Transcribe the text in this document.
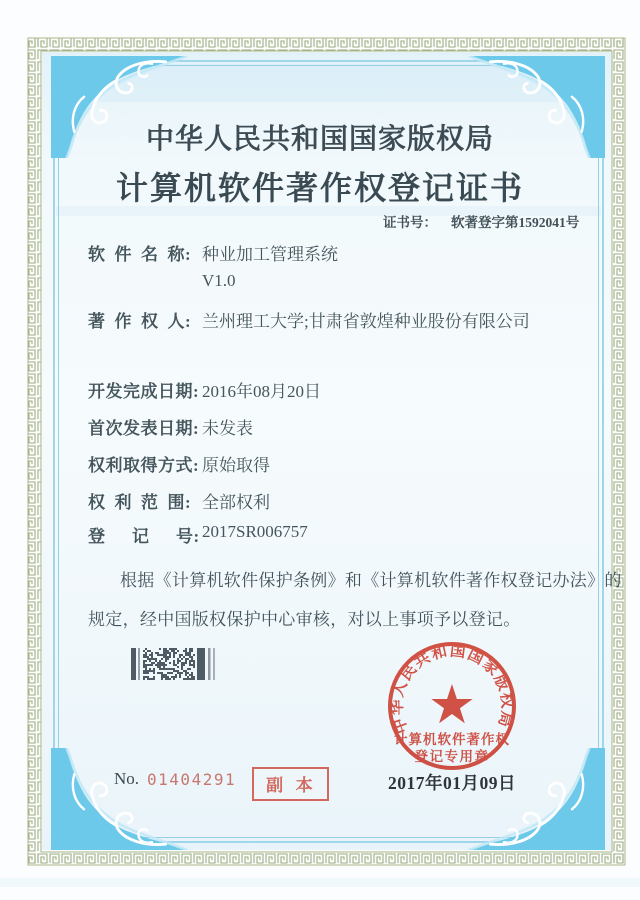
中华人民共和国国家版权局
计算机软件著作权登记证书
证书号： 软著登字第1592041号
软 件 名 称: 种业加工管理系统
V1.0
著 作 权 人: 兰州理工大学;甘肃省敦煌种业股份有限公司
开发完成日期: 2016年08月20日
首次发表日期: 未发表
权利取得方式: 原始取得
权 利 范 围: 全部权利
登　 记　 号: 2017SR006757
根据《计算机软件保护条例》和《计算机软件著作权登记办法》的
规定，经中国版权保护中心审核，对以上事项予以登记。
中华人民共和国国家版权局
★
计算机软件著作权
登记专用章
2017年01月09日
No. 01404291	副 本
